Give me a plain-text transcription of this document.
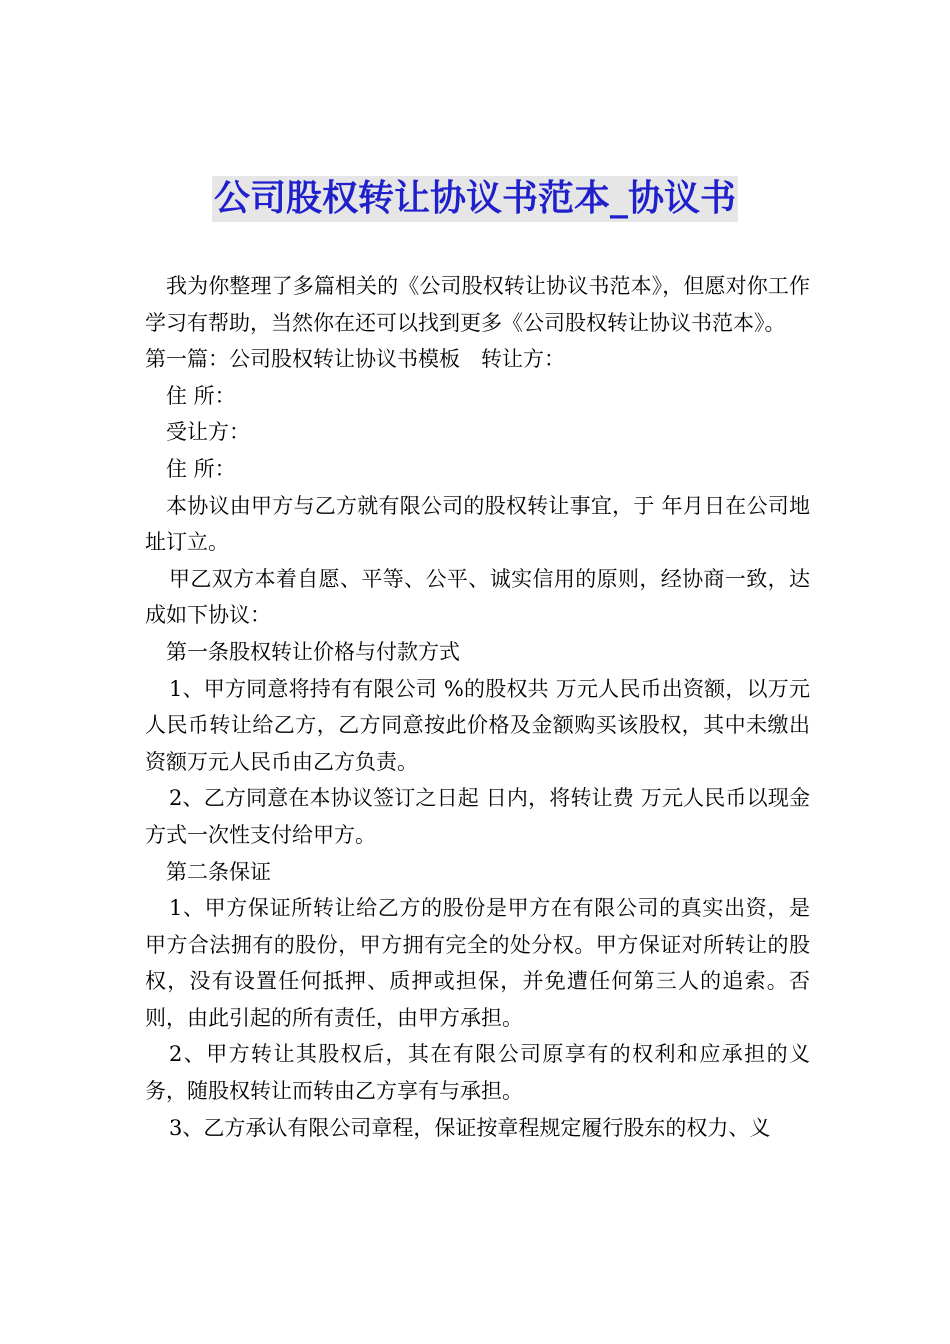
公司股权转让协议书范本_协议书

我为你整理了多篇相关的《公司股权转让协议书范本》，但愿对你工作学习有帮助，当然你在还可以找到更多《公司股权转让协议书范本》。

第一篇：公司股权转让协议书模板　转让方：

住 所：

受让方：

住 所：

本协议由甲方与乙方就有限公司的股权转让事宜，于 年月日在公司地址订立。

甲乙双方本着自愿、平等、公平、诚实信用的原则，经协商一致，达成如下协议：

第一条股权转让价格与付款方式

1、甲方同意将持有有限公司 %的股权共 万元人民币出资额，以万元人民币转让给乙方，乙方同意按此价格及金额购买该股权，其中未缴出资额万元人民币由乙方负责。

2、乙方同意在本协议签订之日起 日内，将转让费 万元人民币以现金方式一次性支付给甲方。

第二条保证

1、甲方保证所转让给乙方的股份是甲方在有限公司的真实出资，是甲方合法拥有的股份，甲方拥有完全的处分权。甲方保证对所转让的股权，没有设置任何抵押、质押或担保，并免遭任何第三人的追索。否则，由此引起的所有责任，由甲方承担。

2、甲方转让其股权后，其在有限公司原享有的权利和应承担的义务，随股权转让而转由乙方享有与承担。

3、乙方承认有限公司章程，保证按章程规定履行股东的权力、义
